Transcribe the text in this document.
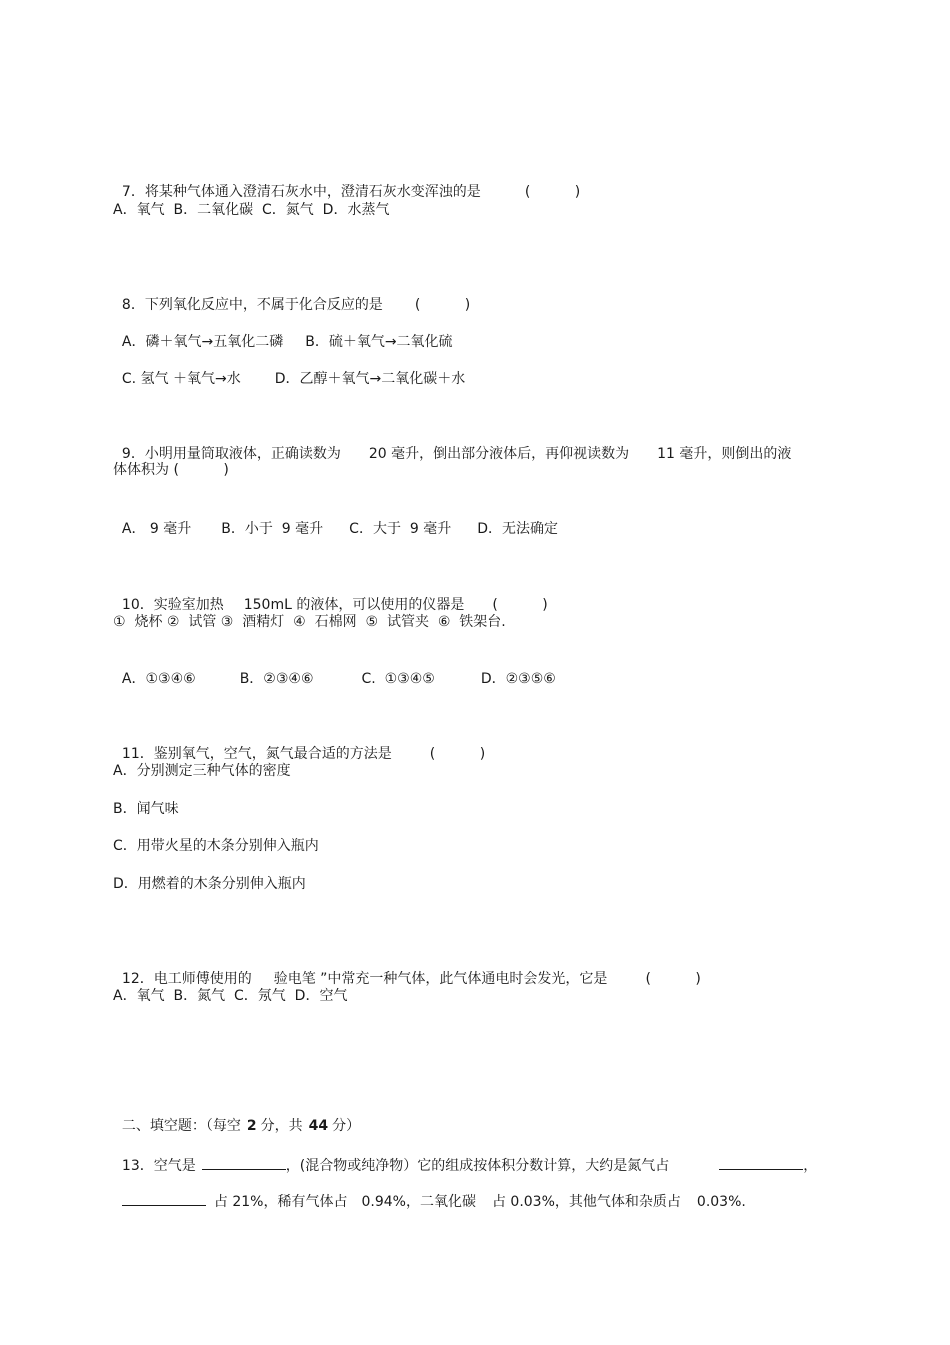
7．将某种气体通入澄清石灰水中，澄清石灰水变浑浊的是	(          )

A．氧气  B．二氧化碳  C．氮气  D．水蒸气

8．下列氧化反应中，不属于化合反应的是 (          )

A．磷＋氧气→五氧化二磷 B．硫＋氧气→二氧化硫

C. 氢气 ＋氧气→水 D．乙醇＋氧气→二氧化碳＋水

9．小明用量筒取液体，正确读数为 20 毫升，倒出部分液体后，再仰视读数为 11 毫升，则倒出的液

体体积为 (          )

A． 9 毫升 B．小于  9 毫升 C．大于  9 毫升 D．无法确定

10．实验室加热 150mL 的液体，可以使用的仪器是 (          )

①  烧杯 ②  试管 ③  酒精灯  ④  石棉网  ⑤  试管夹  ⑥  铁架台.

A．①③④⑥	B．②③④⑥	C.  ①③④⑤	D．②③⑤⑥

11．鉴别氧气，空气，氮气最合适的方法是	(          )

A．分别测定三种气体的密度
B．闻气味
C．用带火星的木条分别伸入瓶内
D．用燃着的木条分别伸入瓶内

12．电工师傅使用的 验电笔 ”中常充一种气体，此气体通电时会发光，它是	(          )

A．氧气  B．氮气  C．氖气  D．空气

二、填空题：（每空 2 分，共 44 分）

13．空气是	，(混合物或纯净物）它的组成按体积分数计算，大约是氮气占	，

占 21%，稀有气体占 0.94%，二氧化碳 占 0.03%，其他气体和杂质占 0.03%.
